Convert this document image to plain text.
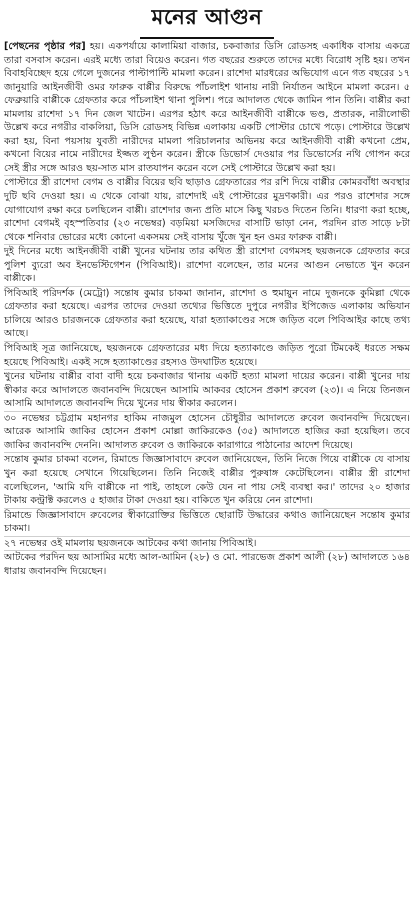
মনের আগুন

[পেছনের পৃষ্ঠার পর] হয়। একপর্যায়ে কালামিয়া বাজার, চকবাজার ডিসি রোডসহ একাধিক বাসায় একত্রে তারা বসবাস করেন। এরই মধ্যে তারা বিয়েও করেন। গত বছরের শুরুতে তাদের মধ্যে বিরোধ সৃষ্টি হয়। তখন বিবাহবিচ্ছেদ হয়ে গেলে দুজনের পাল্টাপাল্টি মামলা করেন। রাশেদা মারধরের অভিযোগ এনে গত বছরের ১৭ জানুয়ারি আইনজীবী ওমর ফারুক বাপ্পীর বিরুদ্ধে পাঁচলাইশ থানায় নারী নির্যাতন আইনে মামলা করেন। ৫ ফেব্রুয়ারি বাপ্পীকে গ্রেফতার করে পাঁচলাইশ থানা পুলিশ। পরে আদালত থেকে জামিন পান তিনি। বাপ্পীর করা মামলায় রাশেদা ১৭ দিন জেল খাটেন। এরপর হঠাৎ করে আইনজীবী বাপ্পীকে ভণ্ড, প্রতারক, নারীলোভী উল্লেখ করে নগরীর বাকলিয়া, ডিসি রোডসহ বিভিন্ন এলাকায় একটি পোস্টার চোখে পড়ে। পোস্টারে উল্লেখ করা হয়, বিনা পয়সায় যুবতী নারীদের মামলা পরিচালনার অভিনয় করে আইনজীবী বাপ্পী কখনো প্রেম, কখনো বিয়ের নামে নারীদের ইজ্জত লুণ্ঠন করেন। স্ত্রীকে ডিভোর্স দেওয়ার পর ডিভোর্সের নথি গোপন করে সেই স্ত্রীর সঙ্গে আরও ছয়-সাত মাস রাতযাপন করেন বলে সেই পোস্টারে উল্লেখ করা হয়।

পোস্টারে স্ত্রী রাশেদা বেগম ও বাপ্পীর বিয়ের ছবি ছাড়াও গ্রেফতারের পর রশি দিয়ে বাপ্পীর কোমরবাঁধা অবস্থার দুটি ছবি দেওয়া হয়। এ থেকে বোঝা যায়, রাশেদাই এই পোস্টারের মুদ্রণকারী। এর পরও রাশেদার সঙ্গে যোগাযোগ রক্ষা করে চলছিলেন বাপ্পী। রাশেদার জন্য প্রতি মাসে কিছু খরচও দিতেন তিনি। ধারণা করা হচ্ছে, রাশেদা বেগমই বৃহস্পতিবার (২৩ নভেম্বর) বড়মিয়া মসজিদের বাসাটি ভাড়া নেন, পরদিন রাত সাড়ে ৮টা থেকে শনিবার ভোরের মধ্যে কোনো একসময় সেই বাসায় খুঁজে খুন হন ওমর ফারুক বাপ্পী।

দুই দিনের মধ্যে আইনজীবী বাপ্পী খুনের ঘটনায় তার কথিত স্ত্রী রাশেদা বেগমসহ ছয়জনকে গ্রেফতার করে পুলিশ ব্যুরো অব ইনভেস্টিগেশন (পিবিআই)। রাশেদা বলেছেন, তার মনের আগুন নেভাতে খুন করেন বাপ্পীকে।

পিবিআই পরিদর্শক (মেট্রো) সন্তোষ কুমার চাকমা জানান, রাশেদা ও হুমায়ুন নামে দুজনকে কুমিল্লা থেকে গ্রেফতার করা হয়েছে। এরপর তাদের দেওয়া তথ্যের ভিত্তিতে দুপুরে নগরীর ইপিজেড এলাকায় অভিযান চালিয়ে আরও চারজনকে গ্রেফতার করা হয়েছে, যারা হত্যাকাণ্ডের সঙ্গে জড়িত বলে পিবিআইর কাছে তথ্য আছে।

পিবিআই সূত্র জানিয়েছে, ছয়জনকে গ্রেফতারের মধ্য দিয়ে হত্যাকাণ্ডে জড়িত পুরো টিমকেই ধরতে সক্ষম হয়েছে পিবিআই। একই সঙ্গে হত্যাকাণ্ডের রহস্যও উদঘাটিত হয়েছে।

খুনের ঘটনায় বাপ্পীর বাবা বাদী হয়ে চকবাজার থানায় একটি হত্যা মামলা দায়ের করেন। বাপ্পী খুনের দায় স্বীকার করে আদালতে জবানবন্দি দিয়েছেন আসামি আকবর হোসেন প্রকাশ রুবেল (২৩)। এ নিয়ে তিনজন আসামি আদালতে জবানবন্দি দিয়ে খুনের দায় স্বীকার করলেন।

৩০ নভেম্বর চট্টগ্রাম মহানগর হাকিম নাজমুল হোসেন চৌধুরীর আদালতে রুবেল জবানবন্দি দিয়েছেন। আরেক আসামি জাকির হোসেন প্রকাশ মোল্লা জাকিরকেও (৩৫) আদালতে হাজির করা হয়েছিল। তবে জাকির জবানবন্দি দেননি। আদালত রুবেল ও জাকিরকে কারাগারে পাঠানোর আদেশ দিয়েছে।

সন্তোষ কুমার চাকমা বলেন, রিমান্ডে জিজ্ঞাসাবাদে রুবেল জানিয়েছেন, তিনি নিজে গিয়ে বাপ্পীকে যে বাসায় খুন করা হয়েছে সেখানে গিয়েছিলেন। তিনি নিজেই বাপ্পীর পুরুষাঙ্গ কেটেছিলেন। বাপ্পীর স্ত্রী রাশেদা বলেছিলেন, 'আমি যদি বাপ্পীকে না পাই, তাহলে কেউ যেন না পায় সেই ব্যবস্থা কর।' তাদের ২০ হাজার টাকায় কন্ট্রাক্ট করলেও ৫ হাজার টাকা দেওয়া হয়। বাকিতে খুন করিয়ে নেন রাশেদা।

রিমান্ডে জিজ্ঞাসাবাদে রুবেলের স্বীকারোক্তির ভিত্তিতে ছোরাটি উদ্ধারের কথাও জানিয়েছেন সন্তোষ কুমার চাকমা।

২৭ নভেম্বর ওই মামলায় ছয়জনকে আটকের কথা জানায় পিবিআই।

আটকের পরদিন ছয় আসামির মধ্যে আল-আমিন (২৮) ও মো. পারভেজ প্রকাশ আলী (২৮) আদালতে ১৬৪ ধারায় জবানবন্দি দিয়েছেন।
